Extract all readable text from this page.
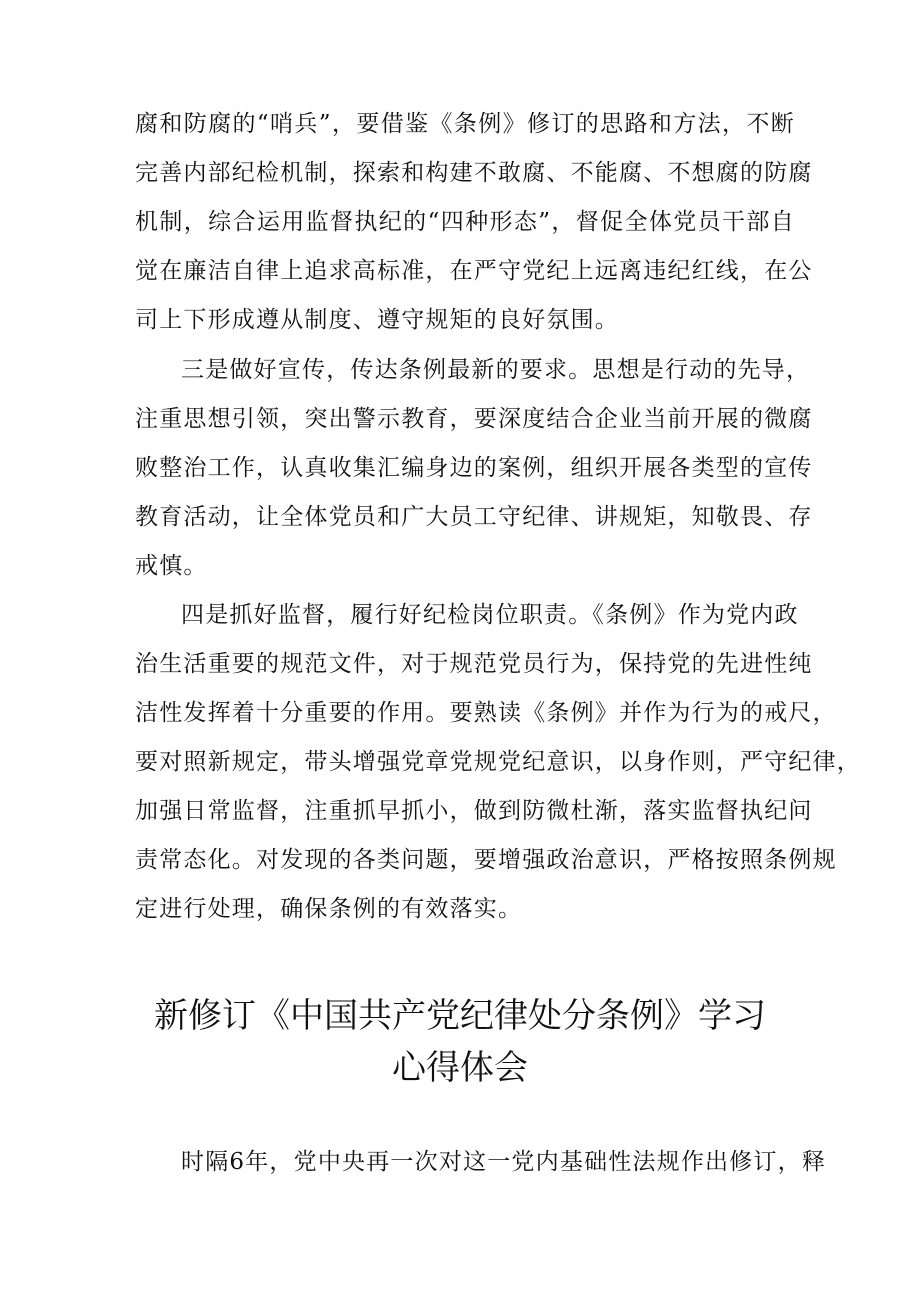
腐和防腐的“哨兵”，要借鉴《条例》修订的思路和方法，不断
完善内部纪检机制，探索和构建不敢腐、不能腐、不想腐的防腐
机制，综合运用监督执纪的“四种形态”，督促全体党员干部自
觉在廉洁自律上追求高标准，在严守党纪上远离违纪红线，在公
司上下形成遵从制度、遵守规矩的良好氛围。
三是做好宣传，传达条例最新的要求。思想是行动的先导，
注重思想引领，突出警示教育，要深度结合企业当前开展的微腐
败整治工作，认真收集汇编身边的案例，组织开展各类型的宣传
教育活动，让全体党员和广大员工守纪律、讲规矩，知敬畏、存
戒慎。
四是抓好监督，履行好纪检岗位职责。《条例》作为党内政
治生活重要的规范文件，对于规范党员行为，保持党的先进性纯
洁性发挥着十分重要的作用。要熟读《条例》并作为行为的戒尺，
要对照新规定，带头增强党章党规党纪意识，以身作则，严守纪律，
加强日常监督，注重抓早抓小，做到防微杜渐，落实监督执纪问
责常态化。对发现的各类问题，要增强政治意识，严格按照条例规
定进行处理，确保条例的有效落实。
新修订《中国共产党纪律处分条例》学习
心得体会
时隔6年，党中央再一次对这一党内基础性法规作出修订，释
